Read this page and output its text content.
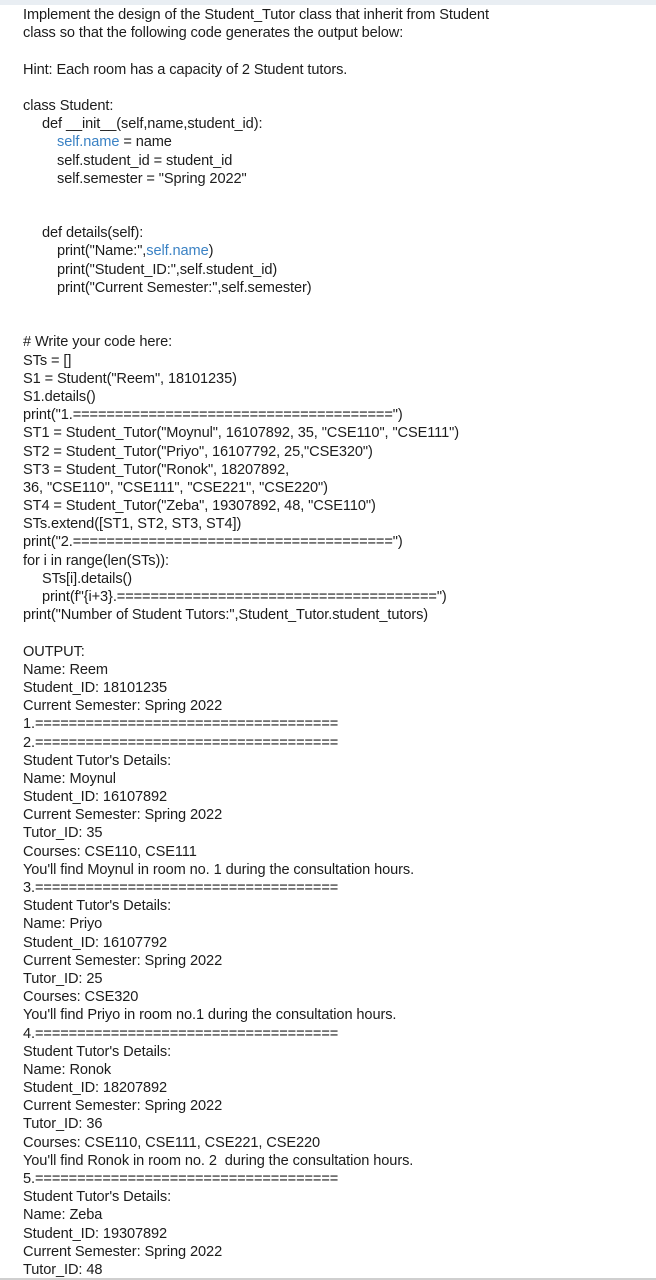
Implement the design of the Student_Tutor class that inherit from Student
class so that the following code generates the output below:
Hint: Each room has a capacity of 2 Student tutors.
class Student:
def __init__(self,name,student_id):
self.name = name
self.student_id = student_id
self.semester = "Spring 2022"
def details(self):
print("Name:",self.name)
print("Student_ID:",self.student_id)
print("Current Semester:",self.semester)
# Write your code here:
STs = []
S1 = Student("Reem", 18101235)
S1.details()
print("1.======================================")
ST1 = Student_Tutor("Moynul", 16107892, 35, "CSE110", "CSE111")
ST2 = Student_Tutor("Priyo", 16107792, 25,"CSE320")
ST3 = Student_Tutor("Ronok", 18207892,
36, "CSE110", "CSE111", "CSE221", "CSE220")
ST4 = Student_Tutor("Zeba", 19307892, 48, "CSE110")
STs.extend([ST1, ST2, ST3, ST4])
print("2.======================================")
for i in range(len(STs)):
STs[i].details()
print(f"{i+3}.======================================")
print("Number of Student Tutors:",Student_Tutor.student_tutors)
OUTPUT:
Name: Reem
Student_ID: 18101235
Current Semester: Spring 2022
1.====================================
2.====================================
Student Tutor's Details:
Name: Moynul
Student_ID: 16107892
Current Semester: Spring 2022
Tutor_ID: 35
Courses: CSE110, CSE111
You'll find Moynul in room no. 1 during the consultation hours.
3.====================================
Student Tutor's Details:
Name: Priyo
Student_ID: 16107792
Current Semester: Spring 2022
Tutor_ID: 25
Courses: CSE320
You'll find Priyo in room no.1 during the consultation hours.
4.====================================
Student Tutor's Details:
Name: Ronok
Student_ID: 18207892
Current Semester: Spring 2022
Tutor_ID: 36
Courses: CSE110, CSE111, CSE221, CSE220
You'll find Ronok in room no. 2  during the consultation hours.
5.====================================
Student Tutor's Details:
Name: Zeba
Student_ID: 19307892
Current Semester: Spring 2022
Tutor_ID: 48
